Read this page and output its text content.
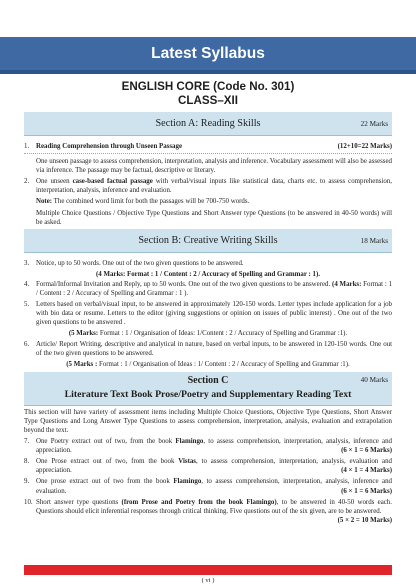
Latest Syllabus
ENGLISH CORE (Code No. 301)
CLASS–XII
Section A: Reading Skills	22 Marks
1. Reading Comprehension through Unseen Passage	(12+10=22 Marks)
One unseen passage to assess comprehension, interpretation, analysis and inference. Vocabulary assessment will also be assessed via inference. The passage may be factual, descriptive or literary.
2. One unseen case-based factual passage with verbal/visual inputs like statistical data, charts etc. to assess comprehension, interpretation, analysis, inference and evaluation.
Note: The combined word limit for both the passages will be 700-750 words.
Multiple Choice Questions / Objective Type Questions and Short Answer type Questions (to be answered in 40-50 words) will be asked.
Section B: Creative Writing Skills	18 Marks
3. Notice, up to 50 words. One out of the two given questions to be answered.
(4 Marks: Format : 1 / Content : 2 / Accuracy of Spelling and Grammar : 1).
4. Formal/Informal Invitation and Reply, up to 50 words. One out of the two given questions to be answered. (4 Marks: Format : 1 / Content : 2 / Accuracy of Spelling and Grammar : 1 ).
5. Letters based on verbal/visual input, to be answered in approximately 120-150 words. Letter types include application for a job with bio data or resume. Letters to the editor (giving suggestions or opinion on issues of public interest) . One out of the two given questions to be answered .
(5 Marks: Format : 1 / Organisation of Ideas: 1/Content : 2 / Accuracy of Spelling and Grammar :1).
6. Article/ Report Writing, descriptive and analytical in nature, based on verbal inputs, to be answered in 120-150 words. One out of the two given questions to be answered.
(5 Marks : Format : 1 / Organisation of Ideas : 1/ Content : 2 / Accuracy of Spelling and Grammar :1).
Section C	40 Marks
Literature Text Book Prose/Poetry and Supplementary Reading Text
This section will have variety of assessment items including Multiple Choice Questions, Objective Type Questions, Short Answer Type Questions and Long Answer Type Questions to assess comprehension, interpretation, analysis, evaluation and extrapolation beyond the text.
7. One Poetry extract out of two, from the book Flamingo, to assess comprehension, interpretation, analysis, inference and appreciation.	(6 × 1 = 6 Marks)
8. One Prose extract out of two, from the book Vistas, to assess comprehension, interpretation, analysis, evaluation and appreciation.	(4 × 1 = 4 Marks)
9. One prose extract out of two from the book Flamingo, to assess comprehension, interpretation, analysis, inference and evaluation.	(6 × 1 = 6 Marks)
10. Short answer type questions (from Prose and Poetry from the book Flamingo), to be answered in 40-50 words each. Questions should elicit inferential responses through critical thinking. Five questions out of the six given, are to be answered.
(5 × 2 = 10 Marks)
( vi )
